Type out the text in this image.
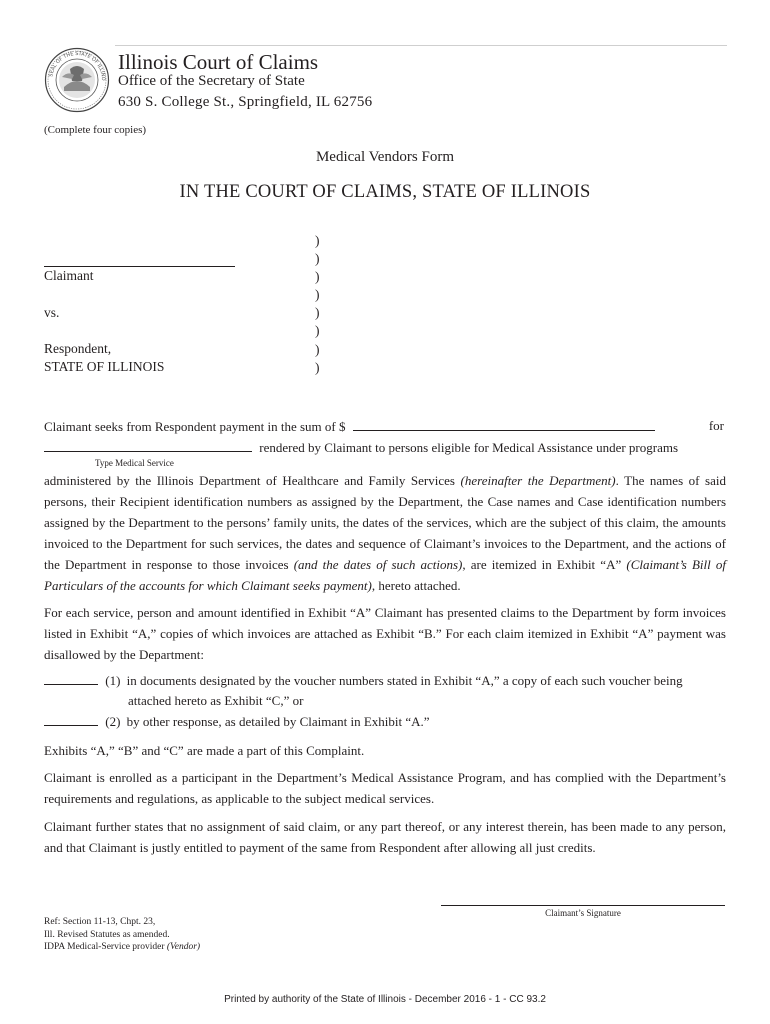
SEAL OF THE STATE OF ILLINO
Illinois Court of Claims
Office of the Secretary of State
630 S. College St., Springfield, IL 62756
(Complete four copies)
Medical Vendors Form
IN THE COURT OF CLAIMS, STATE OF ILLINOIS
Claimant
vs.
Respondent,
STATE OF ILLINOIS
)
)
)
)
)
)
)
)
Claimant seeks from Respondent payment in the sum of $	for
rendered by Claimant to persons eligible for Medical Assistance under programs
Type Medical Service
administered by the Illinois Department of Healthcare and Family Services (hereinafter the Department). The names of said persons, their Recipient identification numbers as assigned by the Department, the Case names and Case identification numbers assigned by the Department to the persons’ family units, the dates of the services, which are the subject of this claim, the amounts invoiced to the Department for such services, the dates and sequence of Claimant’s invoices to the Department, and the actions of the Department in response to those invoices (and the dates of such actions), are itemized in Exhibit “A” (Claimant’s Bill of Particulars of the accounts for which Claimant seeks payment), hereto attached.
For each service, person and amount identified in Exhibit “A” Claimant has presented claims to the Department by form invoices listed in Exhibit “A,” copies of which invoices are attached as Exhibit “B.” For each claim itemized in Exhibit “A” payment was disallowed by the Department:
(1) in documents designated by the voucher numbers stated in Exhibit “A,” a copy of each such voucher being
attached hereto as Exhibit “C,” or
(2) by other response, as detailed by Claimant in Exhibit “A.”
Exhibits “A,” “B” and “C” are made a part of this Complaint.
Claimant is enrolled as a participant in the Department’s Medical Assistance Program, and has complied with the Department’s requirements and regulations, as applicable to the subject medical services.
Claimant further states that no assignment of said claim, or any part thereof, or any interest therein, has been made to any person, and that Claimant is justly entitled to payment of the same from Respondent after allowing all just credits.
Claimant’s Signature
Ref: Section 11-13, Chpt. 23,
Ill. Revised Statutes as amended.
IDPA Medical-Service provider (Vendor)
Printed by authority of the State of Illinois - December 2016 - 1 - CC 93.2
